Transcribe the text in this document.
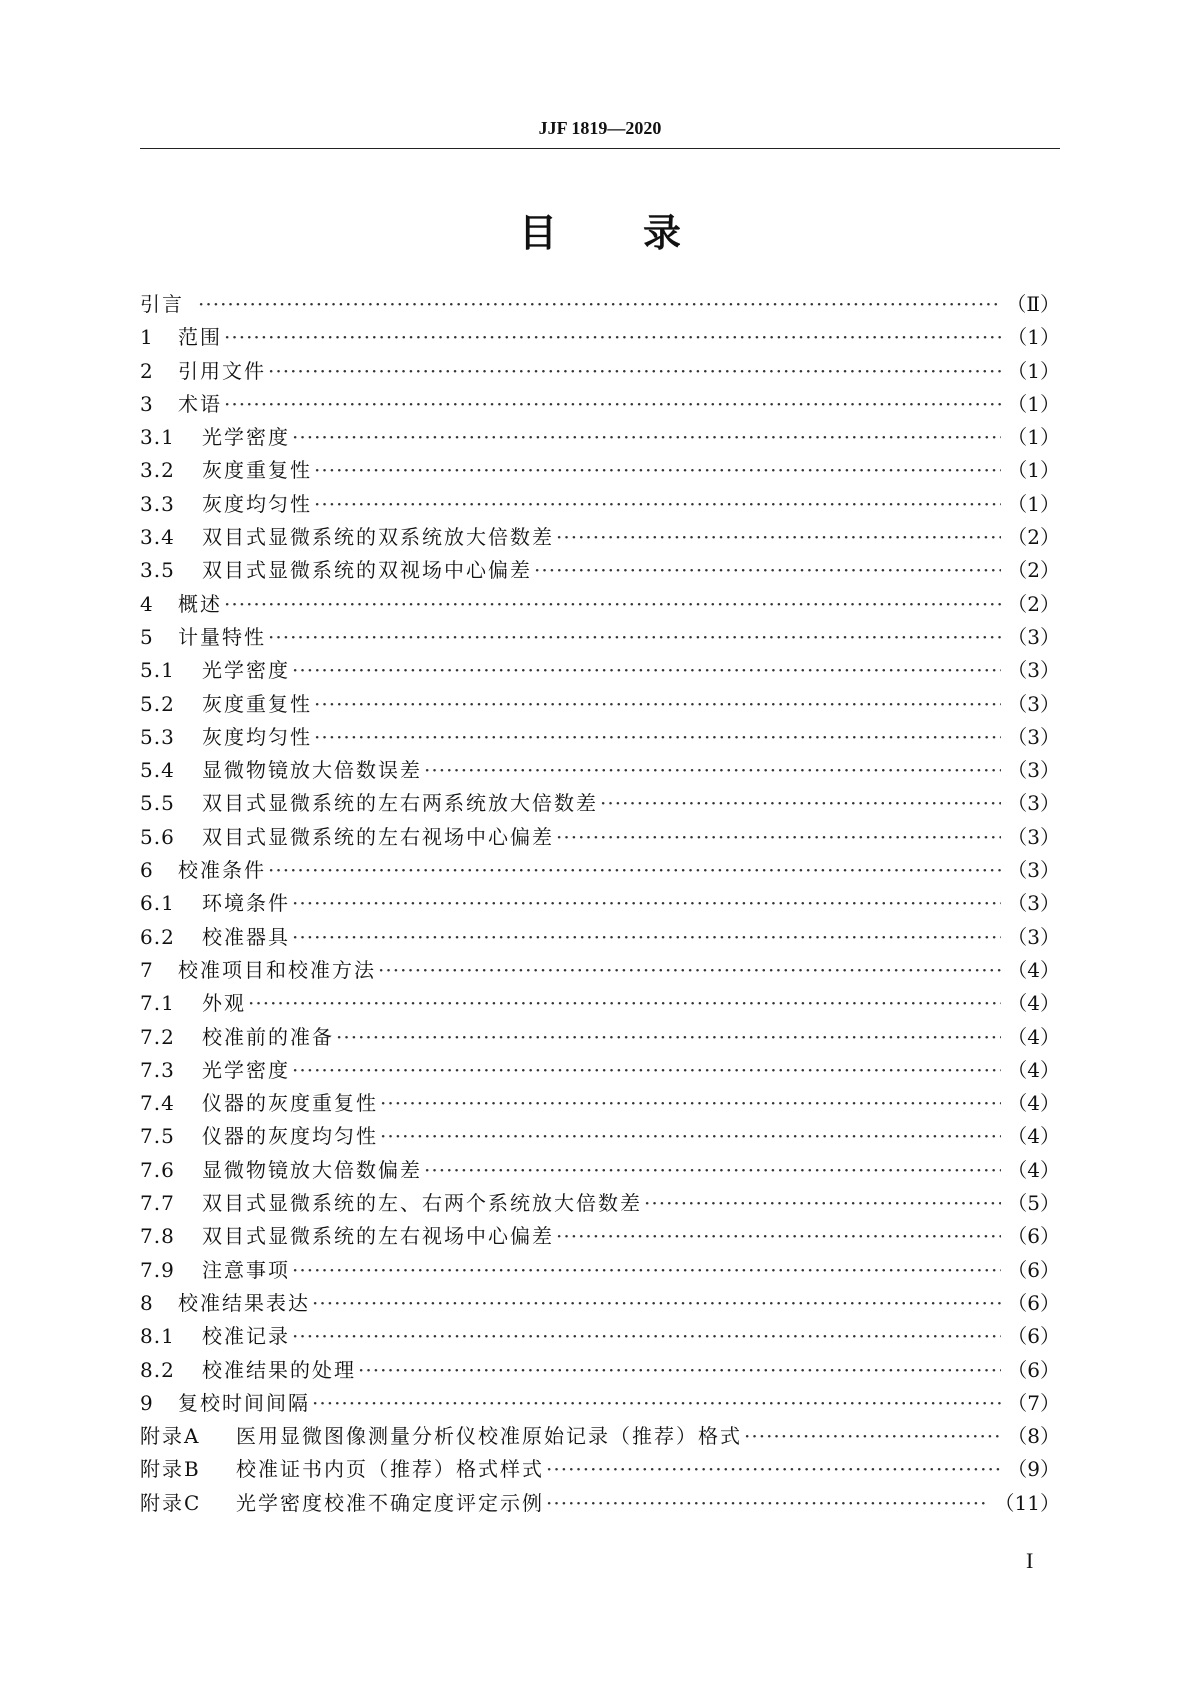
JJF 1819—2020
目 录
引言 ·····	（Ⅱ）
1	范围 ·····	（1）
2	引用文件 ·····	（1）
3	术语 ·····	（1）
3.1	光学密度 ·····	（1）
3.2	灰度重复性 ·····	（1）
3.3	灰度均匀性 ·····	（1）
3.4	双目式显微系统的双系统放大倍数差 ·····	（2）
3.5	双目式显微系统的双视场中心偏差 ·····	（2）
4	概述 ·····	（2）
5	计量特性 ·····	（3）
5.1	光学密度 ·····	（3）
5.2	灰度重复性 ·····	（3）
5.3	灰度均匀性 ·····	（3）
5.4	显微物镜放大倍数误差 ·····	（3）
5.5	双目式显微系统的左右两系统放大倍数差 ·····	（3）
5.6	双目式显微系统的左右视场中心偏差 ·····	（3）
6	校准条件 ·····	（3）
6.1	环境条件 ·····	（3）
6.2	校准器具 ·····	（3）
7	校准项目和校准方法 ·····	（4）
7.1	外观 ·····	（4）
7.2	校准前的准备 ·····	（4）
7.3	光学密度 ·····	（4）
7.4	仪器的灰度重复性 ·····	（4）
7.5	仪器的灰度均匀性 ·····	（4）
7.6	显微物镜放大倍数偏差 ·····	（4）
7.7	双目式显微系统的左、右两个系统放大倍数差 ·····	（5）
7.8	双目式显微系统的左右视场中心偏差 ·····	（6）
7.9	注意事项 ·····	（6）
8	校准结果表达 ·····	（6）
8.1	校准记录 ·····	（6）
8.2	校准结果的处理 ·····	（6）
9	复校时间间隔 ·····	（7）
附录A	医用显微图像测量分析仪校准原始记录（推荐）格式 ·····	（8）
附录B	校准证书内页（推荐）格式样式 ·····	（9）
附录C	光学密度校准不确定度评定示例 ·····	（11）
I
